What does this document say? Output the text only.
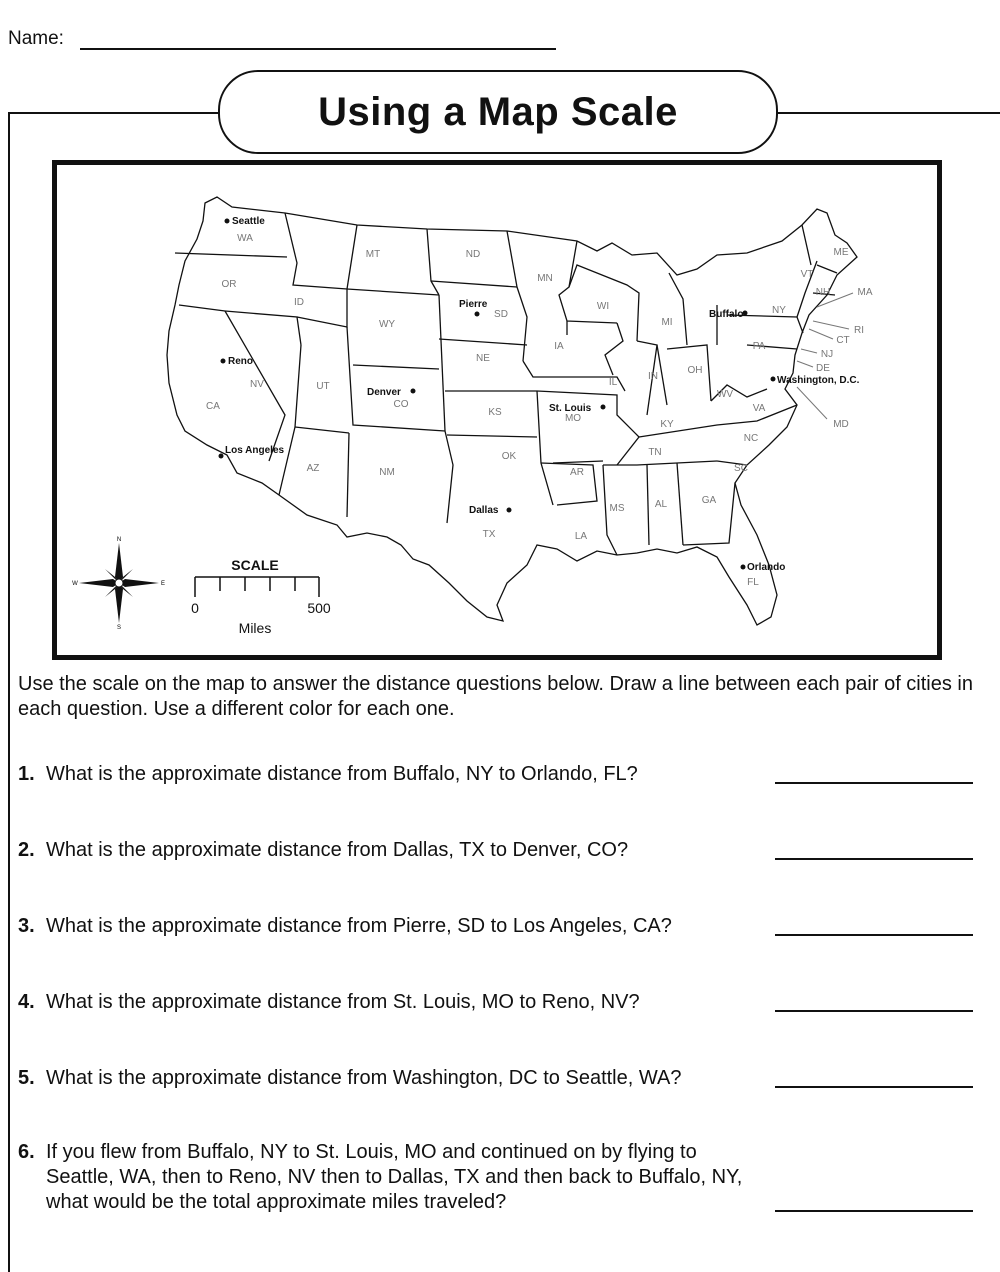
Name:
Using a Map Scale
WA
OR
CA
ID
NV
MT
WY
UT
AZ
CO
NM
ND
SD
NE
KS
OK
TX
MN
IA
MO
AR
LA
WI
IL
MI
IN
OH
KY
TN
MS	AL	GA
FL
SC
NC
VA
WV
PA
NY
ME
VT
NH	MA
RI
CT
NJ
DE
MD
Seattle
Reno
Los Angeles
Denver
Pierre
Dallas
St. Louis
Buffalo
Washington, D.C.
Orlando
N
S
W	E
SCALE
0	500
Miles
Use the scale on the map to answer the distance questions below. Draw a line between each pair of cities in each question. Use a different color for each one.
1. What is the approximate distance from Buffalo, NY to Orlando, FL?
2. What is the approximate distance from Dallas, TX to Denver, CO?
3. What is the approximate distance from Pierre, SD to Los Angeles, CA?
4. What is the approximate distance from St. Louis, MO to Reno, NV?
5. What is the approximate distance from Washington, DC to Seattle, WA?
6. If you flew from Buffalo, NY to St. Louis, MO and continued on by flying to Seattle, WA, then to Reno, NV then to Dallas, TX and then back to Buffalo, NY, what would be the total approximate miles traveled?
